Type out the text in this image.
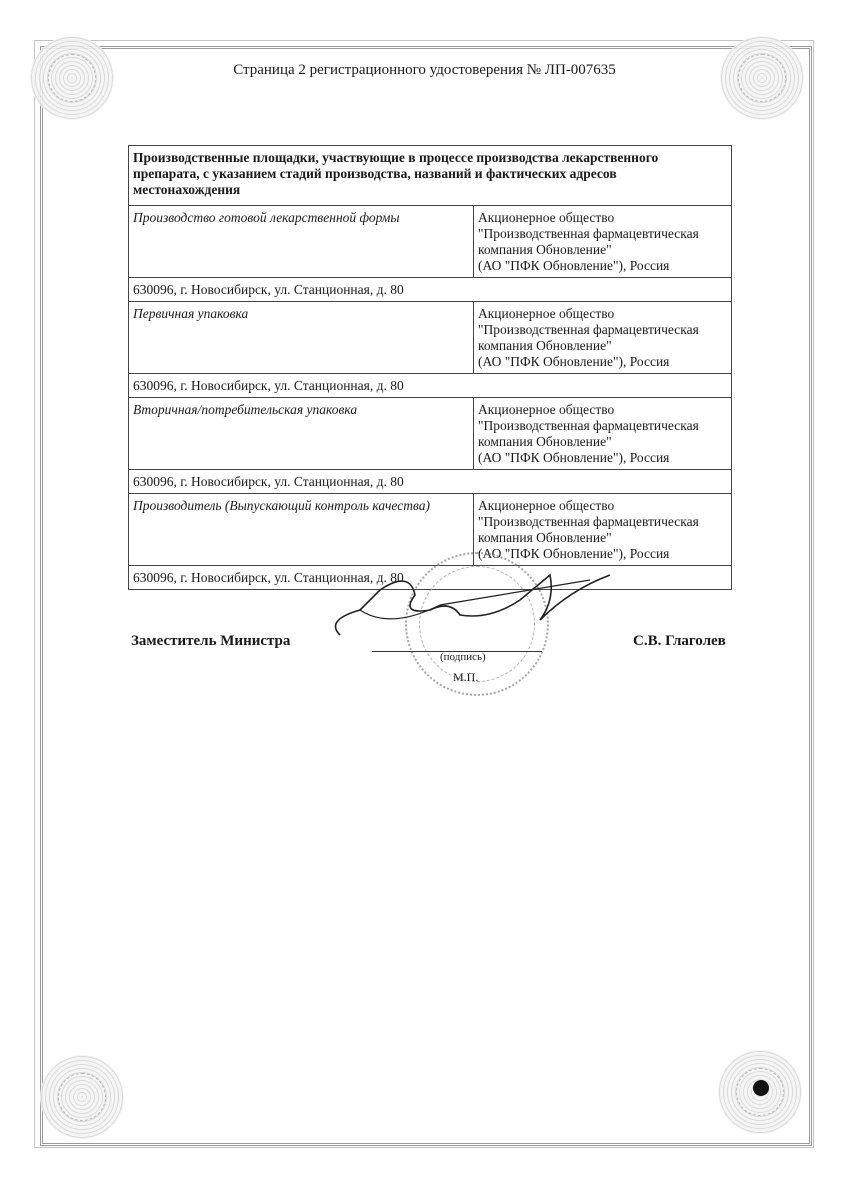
Страница 2 регистрационного удостоверения № ЛП-007635
Производственные площадки, участвующие в процессе производства лекарственного препарата, с указанием стадий производства, названий и фактических адресов местонахождения	
Производство готовой лекарственной формы	Акционерное общество
"Производственная фармацевтическая
компания Обновление"
(АО "ПФК Обновление"), Россия

630096, г. Новосибирск, ул. Станционная, д. 80	
Первичная упаковка	Акционерное общество
"Производственная фармацевтическая
компания Обновление"
(АО "ПФК Обновление"), Россия

630096, г. Новосибирск, ул. Станционная, д. 80	
Вторичная/потребительская упаковка	Акционерное общество
"Производственная фармацевтическая
компания Обновление"
(АО "ПФК Обновление"), Россия

630096, г. Новосибирск, ул. Станционная, д. 80	
Производитель (Выпускающий контроль качества)	Акционерное общество
"Производственная фармацевтическая
компания Обновление"
(АО "ПФК Обновление"), Россия

630096, г. Новосибирск, ул. Станционная, д. 80	
Заместитель Министра
(подпись)
М.П.
С.В. Глаголев
